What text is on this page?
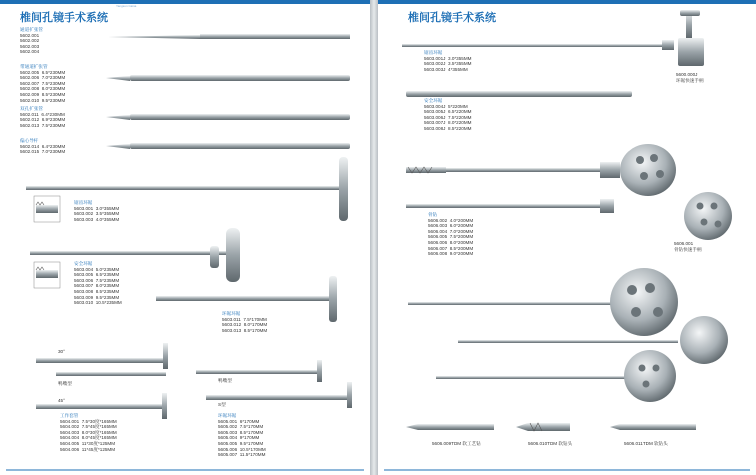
椎间孔镜手术系统
Yangsun Caina
通道扩张管
5602.001
5602.002
5602.003
5602.004
带通道扩张管
5602.005  6.5*230MM
5602.006  7.0*230MM
5602.007  7.5*230MM
5602.008  8.0*230MM
5602.009  8.5*230MM
5602.010  9.5*230MM
双孔扩张管
5602.011  6.4*230MM
5602.012  6.9*230MM
5602.013  7.5*230MM
偏心导杆
5602.014  6.4*230MM
5602.015  7.0*230MM
锯齿环锯
5603.001  3.0*355MM
5603.002  3.5*355MM
5603.003  4.0*355MM
安全环锯
5603.004  5.0*235MM
5603.005  6.5*235MM
5603.006  7.5*235MM
5603.007  8.0*235MM
5603.008  8.5*235MM
5603.009  9.5*235MM
5603.010  10.5*235MM
环锯环锯
5603.011  7.5*170MM
5603.012  8.0*170MM
5603.013  8.5*170MM
30°
鸭嘴型
45°
鸭嘴型
S型
工作套管
5604.001  7.5*30度*165MM
5604.002  7.5*45度*165MM
5604.003  8.0*30度*165MM
5604.004  8.0*45度*165MM
5604.005  11*30度*125MM
5604.006  11*45度*125MM
环锯环锯
5605.001  6*170MM
5605.002  7.5*170MM
5605.003  8.5*170MM
5605.004  9*170MM
5605.005  9.5*170MM
5605.006  10.5*170MM
5605.007  11.5*170MM
椎间孔镜手术系统
锯齿环锯
5603.001J  3.0*355MM
5603.002J  3.5*355MM
5603.003J  4*355MM
5600.000J
环锯快速手柄
安全环锯
5603.004J  5*220MM
5603.005J  6.5*220MM
5603.006J  7.5*220MM
5603.007J  8.0*220MM
5603.008J  8.5*220MM
骨钻
5606.002  4.0*200MM
5606.003  6.0*200MM
5606.004  7.0*200MM
5606.005  7.5*200MM
5606.006  8.0*200MM
5606.007  8.5*200MM
5606.008  9.0*200MM
5606.001
骨钻快速手柄
5606.009TDM 软工艺钻	5606.010TDM 软钻头	5606.011TDM 软钻头
